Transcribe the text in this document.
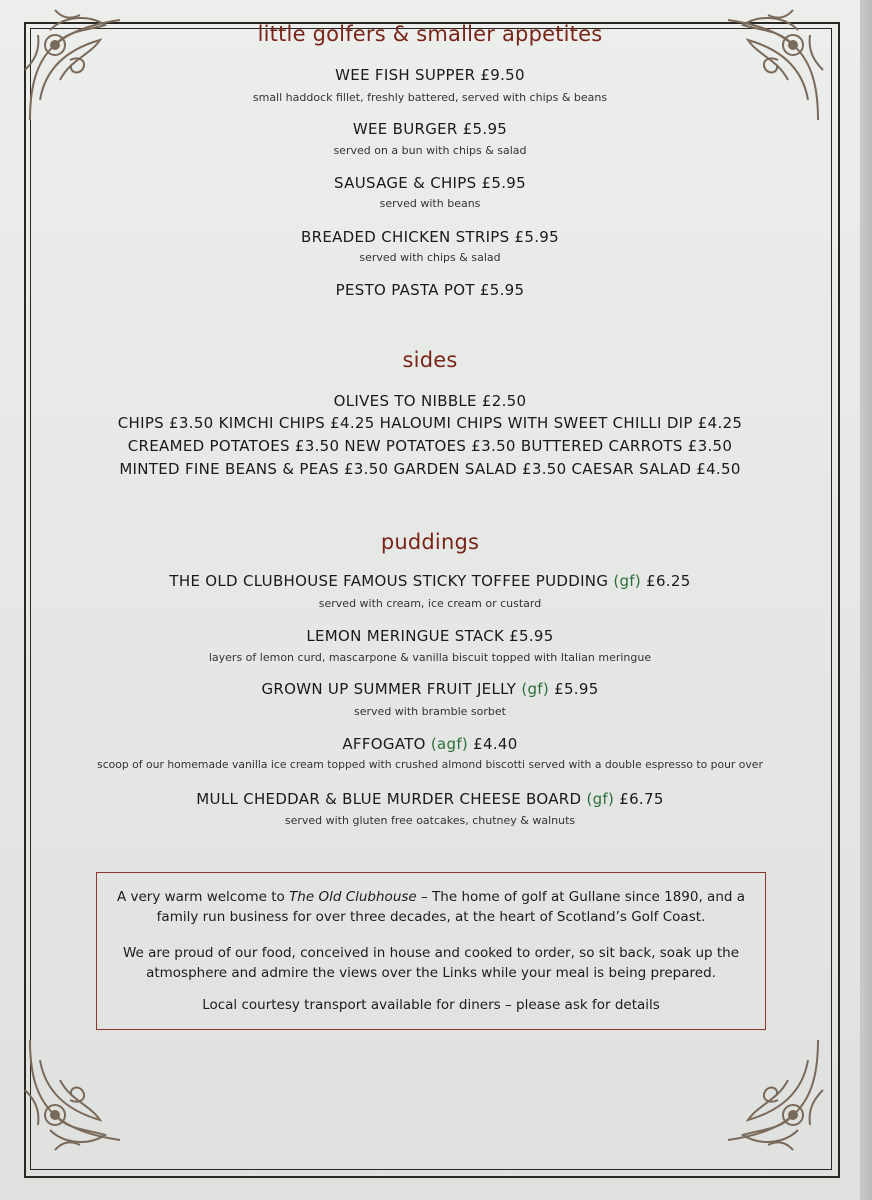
little golfers & smaller appetites
WEE FISH SUPPER £9.50
small haddock fillet, freshly battered, served with chips & beans
WEE BURGER £5.95
served on a bun with chips & salad
SAUSAGE & CHIPS £5.95
served with beans
BREADED CHICKEN STRIPS £5.95
served with chips & salad
PESTO PASTA POT £5.95
sides
OLIVES TO NIBBLE £2.50
CHIPS £3.50 KIMCHI CHIPS £4.25 HALOUMI CHIPS WITH SWEET CHILLI DIP £4.25
CREAMED POTATOES £3.50 NEW POTATOES £3.50 BUTTERED CARROTS £3.50
MINTED FINE BEANS & PEAS £3.50 GARDEN SALAD £3.50 CAESAR SALAD £4.50
puddings
THE OLD CLUBHOUSE FAMOUS STICKY TOFFEE PUDDING (gf) £6.25
served with cream, ice cream or custard
LEMON MERINGUE STACK £5.95
layers of lemon curd, mascarpone & vanilla biscuit topped with Italian meringue
GROWN UP SUMMER FRUIT JELLY (gf) £5.95
served with bramble sorbet
AFFOGATO (agf) £4.40
scoop of our homemade vanilla ice cream topped with crushed almond biscotti served with a double espresso to pour over
MULL CHEDDAR & BLUE MURDER CHEESE BOARD (gf) £6.75
served with gluten free oatcakes, chutney & walnuts

A very warm welcome to The Old Clubhouse – The home of golf at Gullane since 1890, and a
family run business for over three decades, at the heart of Scotland’s Golf Coast.

We are proud of our food, conceived in house and cooked to order, so sit back, soak up the
atmosphere and admire the views over the Links while your meal is being prepared.

Local courtesy transport available for diners – please ask for details
